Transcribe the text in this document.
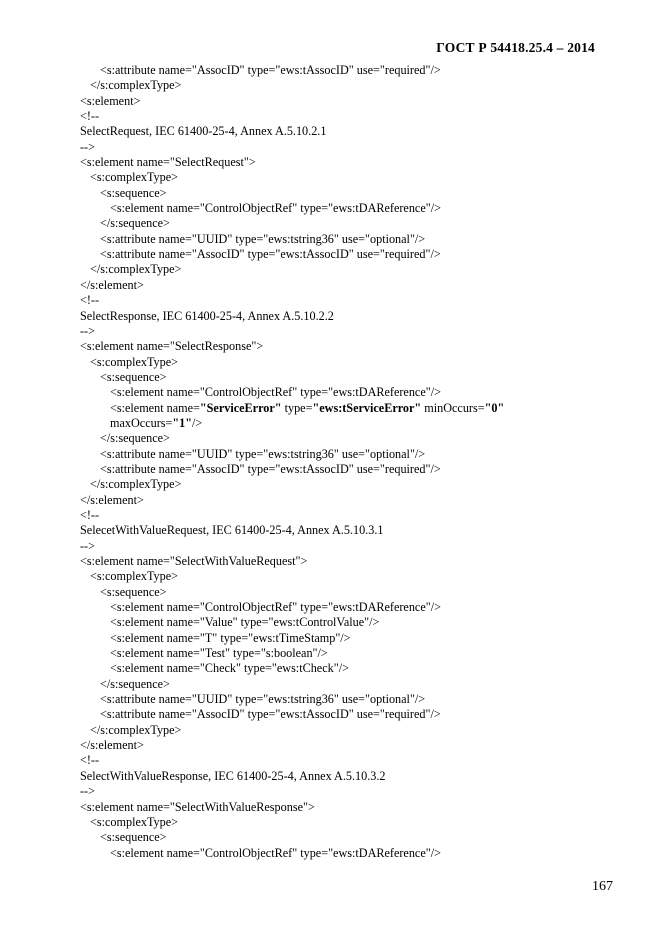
ГОСТ Р 54418.25.4 – 2014
<s:attribute name="AssocID" type="ews:tAssocID" use="required"/>
</s:complexType>
<s:element>
<!--
SelectRequest, IEC 61400-25-4, Annex A.5.10.2.1
-->
<s:element name="SelectRequest">
<s:complexType>
<s:sequence>
<s:element name="ControlObjectRef" type="ews:tDAReference"/>
</s:sequence>
<s:attribute name="UUID" type="ews:tstring36" use="optional"/>
<s:attribute name="AssocID" type="ews:tAssocID" use="required"/>
</s:complexType>
</s:element>
<!--
SelectResponse, IEC 61400-25-4, Annex A.5.10.2.2
-->
<s:element name="SelectResponse">
<s:complexType>
<s:sequence>
<s:element name="ControlObjectRef" type="ews:tDAReference"/>
<s:element name="ServiceError" type="ews:tServiceError" minOccurs="0"
maxOccurs="1"/>
</s:sequence>
<s:attribute name="UUID" type="ews:tstring36" use="optional"/>
<s:attribute name="AssocID" type="ews:tAssocID" use="required"/>
</s:complexType>
</s:element>
<!--
SelecetWithValueRequest, IEC 61400-25-4, Annex A.5.10.3.1
-->
<s:element name="SelectWithValueRequest">
<s:complexType>
<s:sequence>
<s:element name="ControlObjectRef" type="ews:tDAReference"/>
<s:element name="Value" type="ews:tControlValue"/>
<s:element name="T" type="ews:tTimeStamp"/>
<s:element name="Test" type="s:boolean"/>
<s:element name="Check" type="ews:tCheck"/>
</s:sequence>
<s:attribute name="UUID" type="ews:tstring36" use="optional"/>
<s:attribute name="AssocID" type="ews:tAssocID" use="required"/>
</s:complexType>
</s:element>
<!--
SelectWithValueResponse, IEC 61400-25-4, Annex A.5.10.3.2
-->
<s:element name="SelectWithValueResponse">
<s:complexType>
<s:sequence>
<s:element name="ControlObjectRef" type="ews:tDAReference"/>
167
